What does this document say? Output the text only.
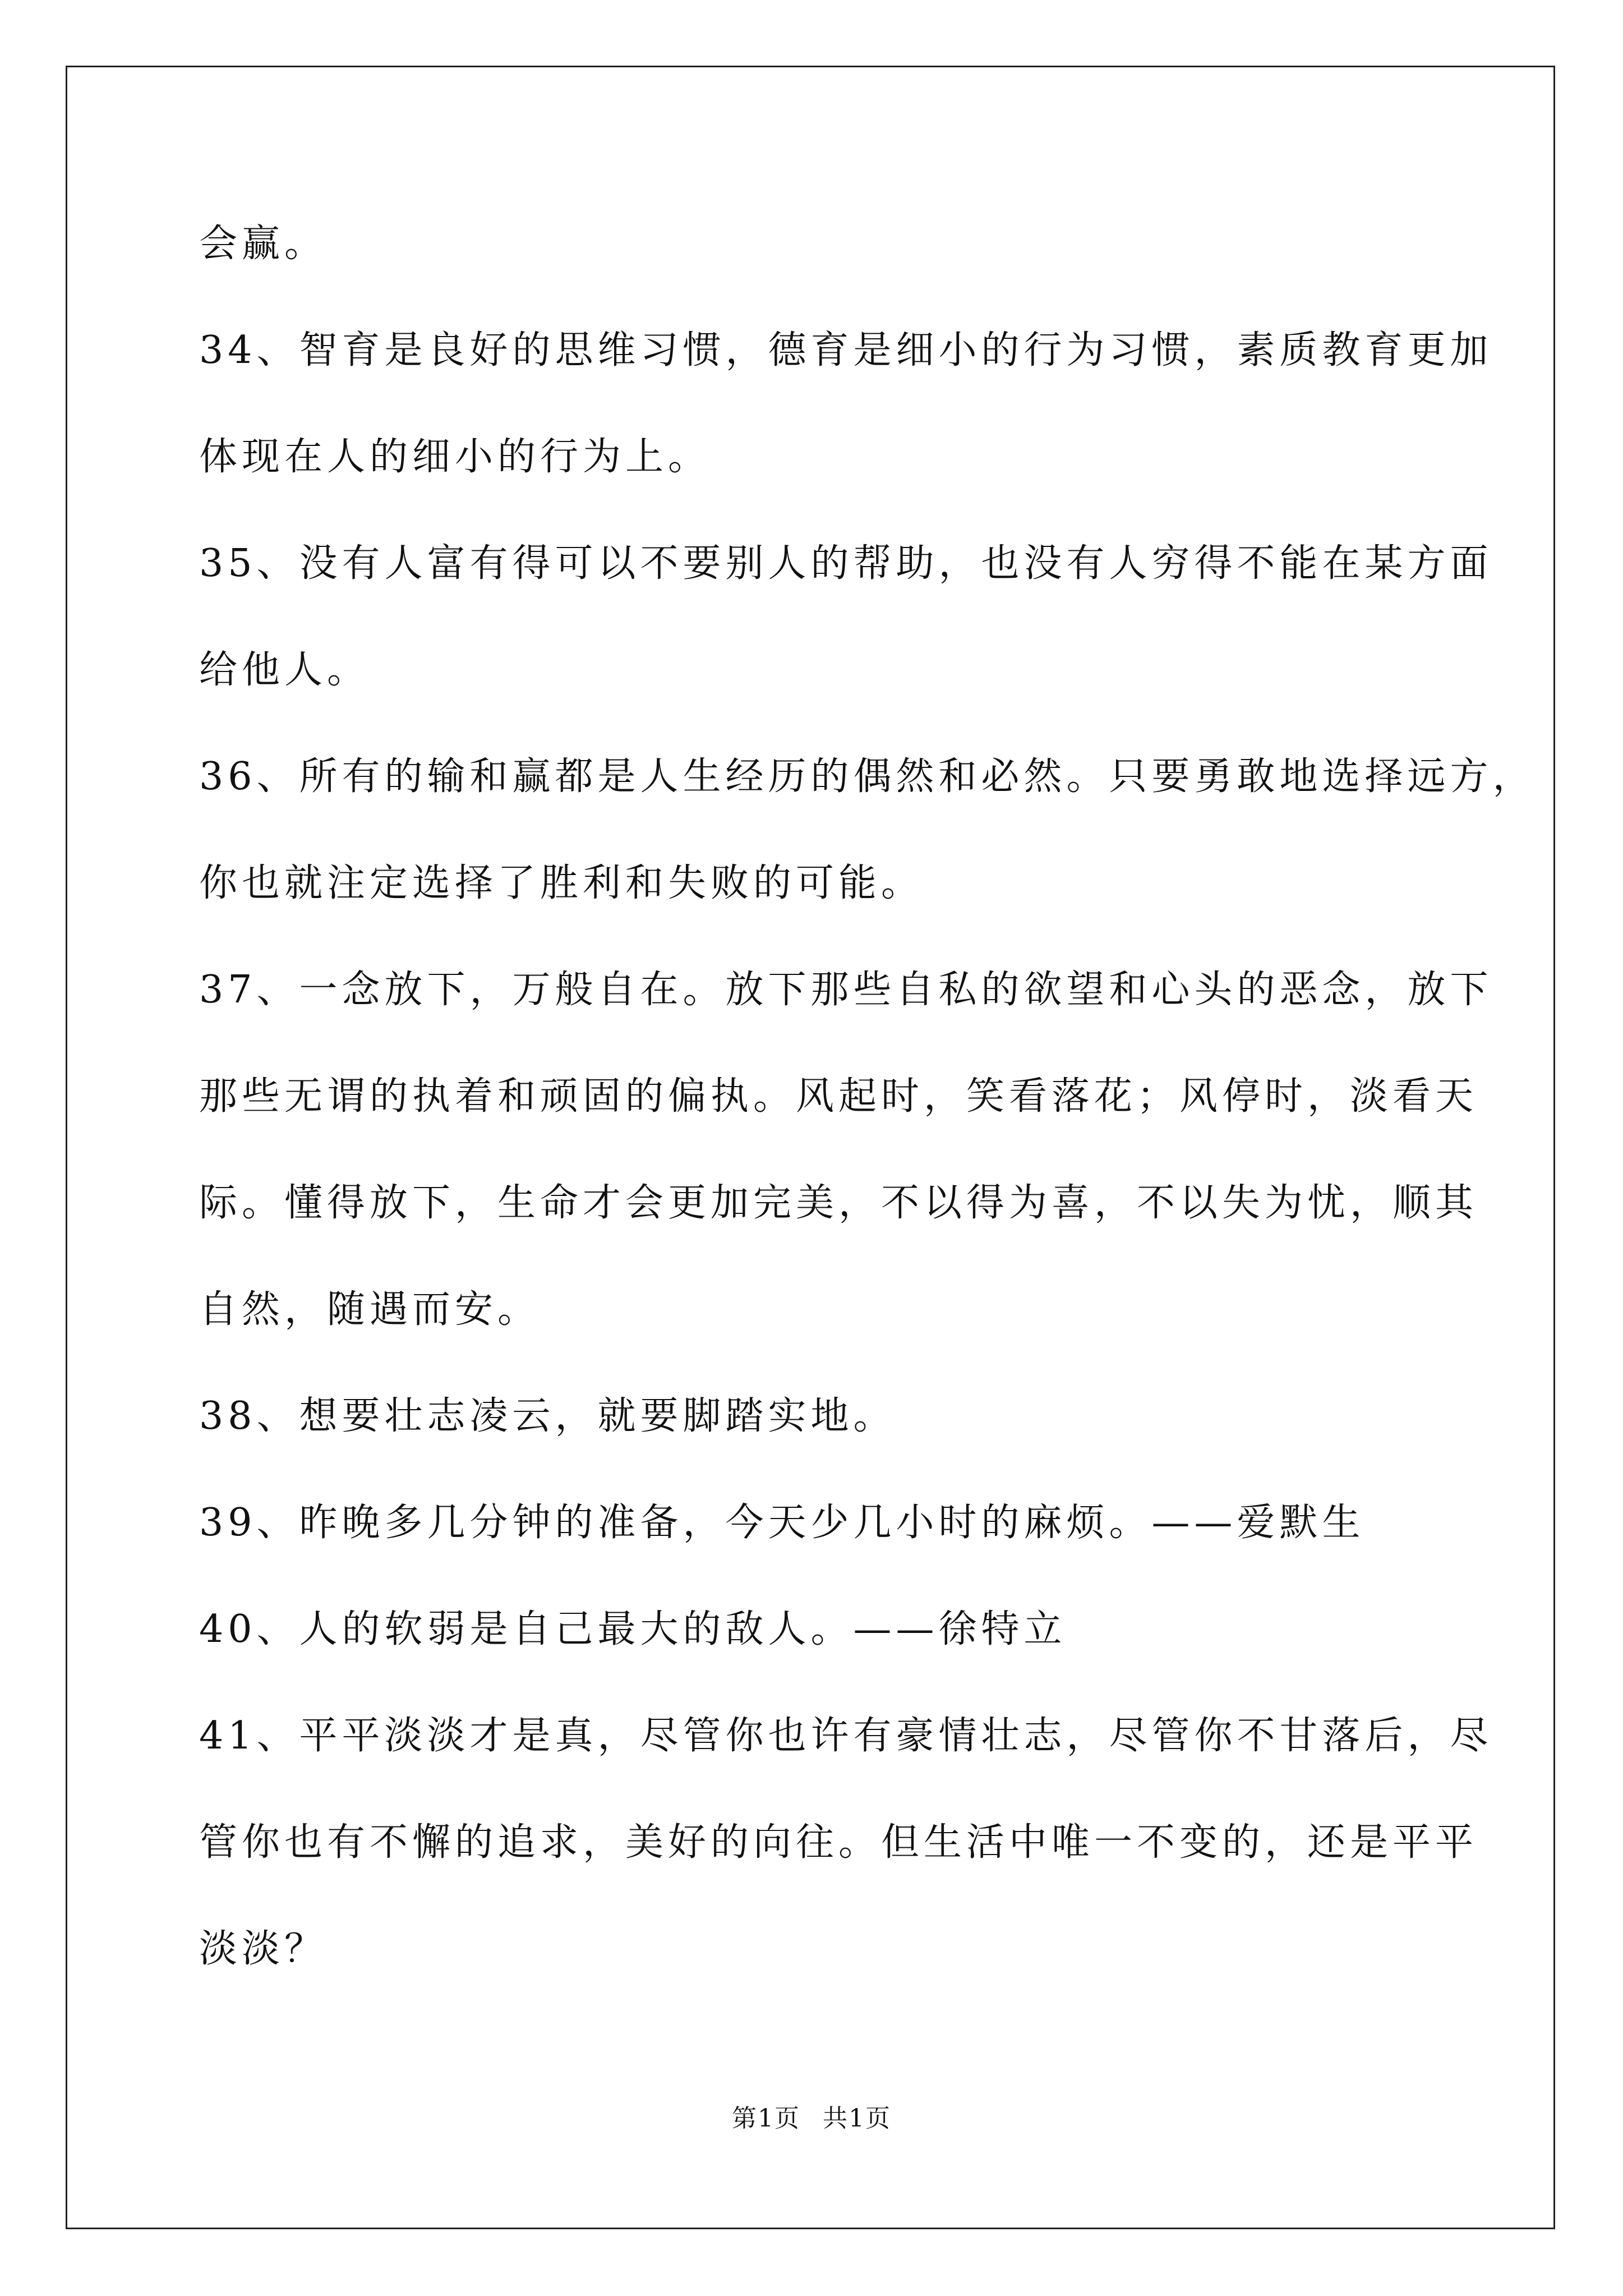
会赢。
34、智育是良好的思维习惯，德育是细小的行为习惯，素质教育更加
体现在人的细小的行为上。
35、没有人富有得可以不要别人的帮助，也没有人穷得不能在某方面
给他人。
36、所有的输和赢都是人生经历的偶然和必然。只要勇敢地选择远方，
你也就注定选择了胜利和失败的可能。
37、一念放下，万般自在。放下那些自私的欲望和心头的恶念，放下
那些无谓的执着和顽固的偏执。风起时，笑看落花；风停时，淡看天
际。懂得放下，生命才会更加完美，不以得为喜，不以失为忧，顺其
自然，随遇而安。
38、想要壮志凌云，就要脚踏实地。
39、昨晚多几分钟的准备，今天少几小时的麻烦。——爱默生
40、人的软弱是自己最大的敌人。——徐特立
41、平平淡淡才是真，尽管你也许有豪情壮志，尽管你不甘落后，尽
管你也有不懈的追求，美好的向往。但生活中唯一不变的，还是平平
淡淡？
第1页 共1页
